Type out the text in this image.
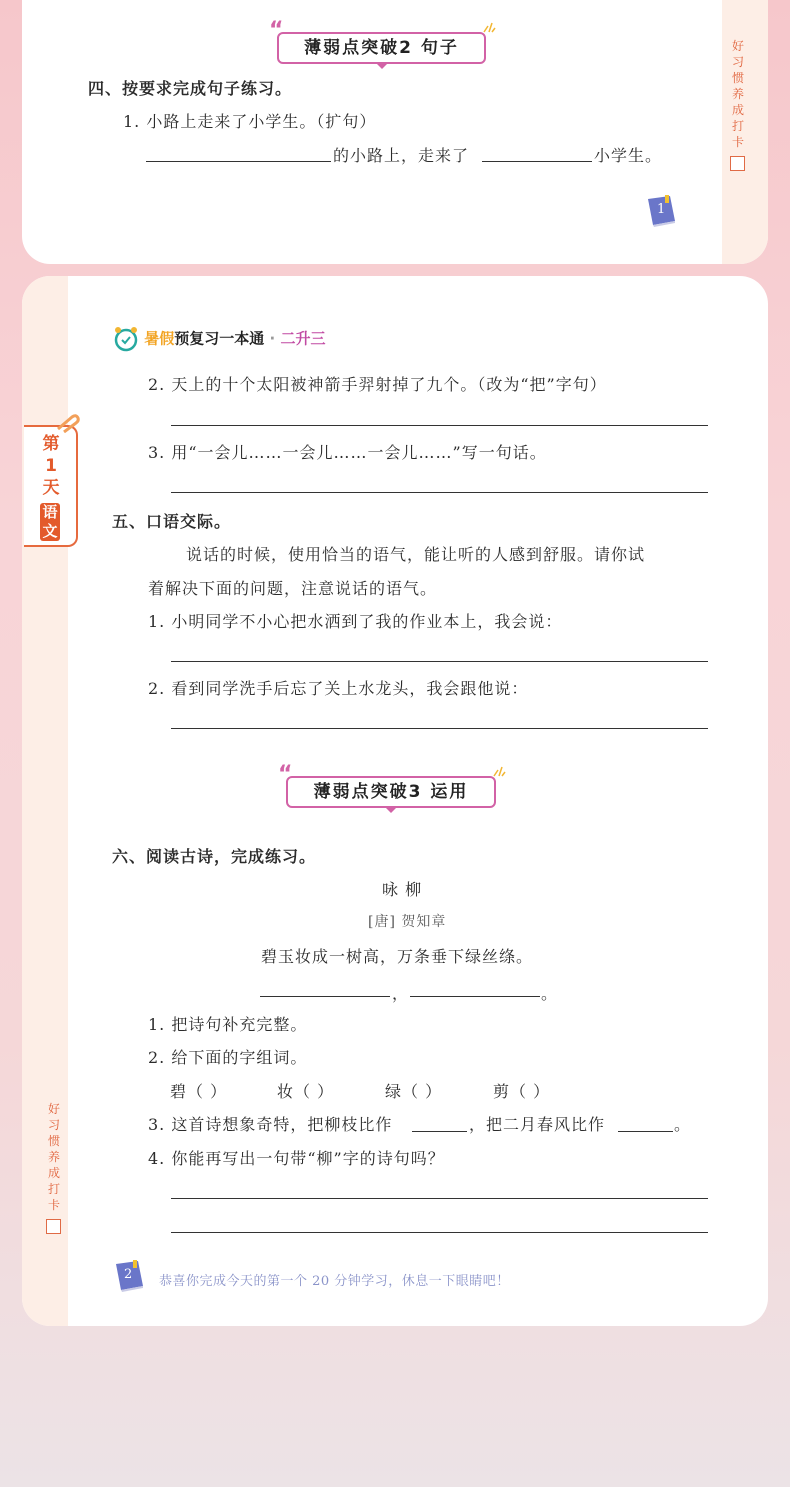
好
习
惯
养
成
打
卡
“
薄弱点突破2 句子
四、按要求完成句子练习。
1. 小路上走来了小学生。（扩句）
的小路上，走来了	小学生。
1
暑假预复习一本通 · 二升三
第
1
天
语
文
2. 天上的十个太阳被神箭手羿射掉了九个。（改为“把”字句）
3. 用“一会儿……一会儿……一会儿……”写一句话。
五、口语交际。
说话的时候，使用恰当的语气，能让听的人感到舒服。请你试
着解决下面的问题，注意说话的语气。
1. 小明同学不小心把水洒到了我的作业本上，我会说：
2. 看到同学洗手后忘了关上水龙头，我会跟他说：
“
薄弱点突破3 运用
六、阅读古诗，完成练习。
咏 柳
[唐] 贺知章
碧玉妆成一树高，万条垂下绿丝绦。
，	。
1. 把诗句补充完整。
2. 给下面的字组词。
碧（ ）	妆（ ）	绿（ ）	剪（ ）
3. 这首诗想象奇特，把柳枝比作	，把二月春风比作	。
4. 你能再写出一句带“柳”字的诗句吗？
好
习
惯
养
成
打
卡
2 恭喜你完成今天的第一个 20 分钟学习，休息一下眼睛吧！
